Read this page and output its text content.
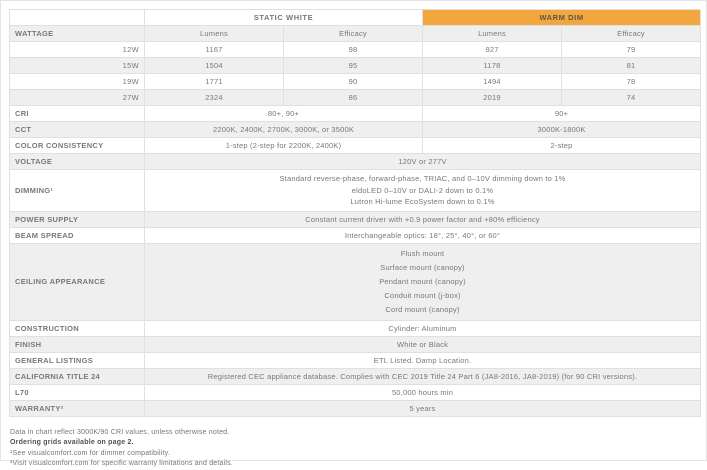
	STATIC WHITE		WARM DIM	
WATTAGE	Lumens	Efficacy	Lumens	Efficacy
12W	1167	98	927	79
15W	1504	95	1178	81
19W	1771	90	1494	78
27W	2324	86	2019	74
CRI	80+, 90+		90+	
CCT	2200K, 2400K, 2700K, 3000K, or 3500K		3000K-1800K	
COLOR CONSISTENCY	1-step (2-step for 2200K, 2400K)		2-step	
VOLTAGE	120V or 277V			
DIMMING¹	Standard reverse-phase, forward-phase, TRIAC, and 0–10V dimming down to 1%
eldoLED 0–10V or DALI-2 down to 0.1%
Lutron Hi-lume EcoSystem down to 0.1%			

POWER SUPPLY	Constant current driver with +0.9 power factor and +80% efficiency			
BEAM SPREAD	Interchangeable optics: 18°, 25°, 40°, or 60°			
CEILING APPEARANCE	Flush mount
Surface mount (canopy)
Pendant mount (canopy)
Conduit mount (j-box)
Cord mount (canopy)			

CONSTRUCTION	Cylinder: Aluminum			
FINISH	White or Black			
GENERAL LISTINGS	ETL Listed. Damp Location.			
CALIFORNIA TITLE 24	Registered CEC appliance database. Complies with CEC 2019 Title 24 Part 6 (JA8-2016, JA8-2019) (for 90 CRI versions).			
L70	50,000 hours min			
WARRANTY²	5 years			
Data in chart reflect 3000K/90 CRI values, unless otherwise noted.
Ordering grids available on page 2.
¹See visualcomfort.com for dimmer compatibility.
²Visit visualcomfort.com for specific warranty limitations and details.
